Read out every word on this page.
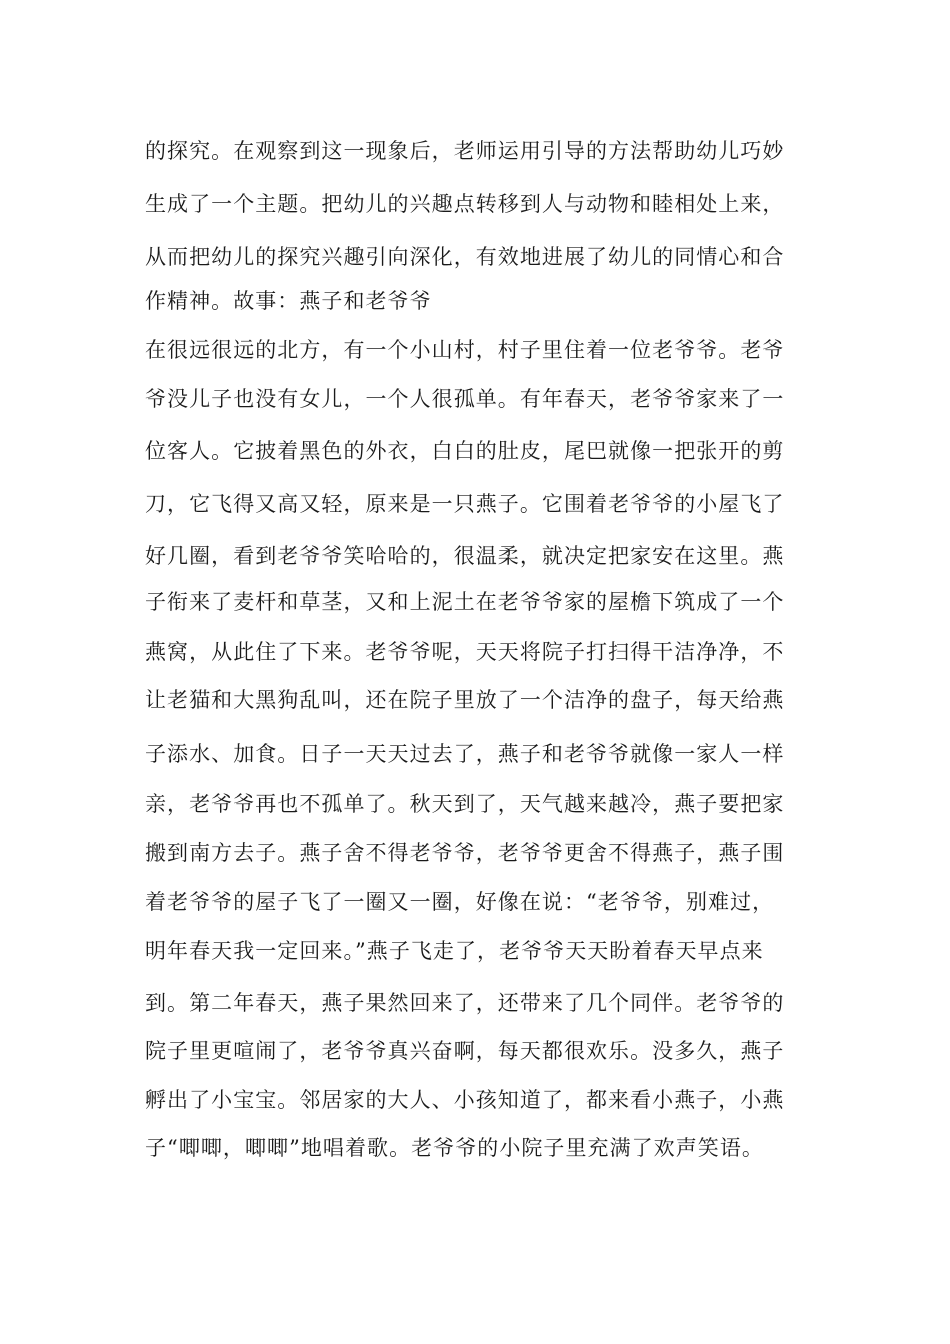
的探究。在观察到这一现象后，老师运用引导的方法帮助幼儿巧妙

生成了一个主题。把幼儿的兴趣点转移到人与动物和睦相处上来，

从而把幼儿的探究兴趣引向深化，有效地进展了幼儿的同情心和合

作精神。故事：燕子和老爷爷

在很远很远的北方，有一个小山村，村子里住着一位老爷爷。老爷

爷没儿子也没有女儿，一个人很孤单。有年春天，老爷爷家来了一

位客人。它披着黑色的外衣，白白的肚皮，尾巴就像一把张开的剪

刀，它飞得又高又轻，原来是一只燕子。它围着老爷爷的小屋飞了

好几圈，看到老爷爷笑哈哈的，很温柔，就决定把家安在这里。燕

子衔来了麦杆和草茎，又和上泥土在老爷爷家的屋檐下筑成了一个

燕窝，从此住了下来。老爷爷呢，天天将院子打扫得干洁净净，不

让老猫和大黑狗乱叫，还在院子里放了一个洁净的盘子，每天给燕

子添水、加食。日子一天天过去了，燕子和老爷爷就像一家人一样

亲，老爷爷再也不孤单了。秋天到了，天气越来越冷，燕子要把家

搬到南方去子。燕子舍不得老爷爷，老爷爷更舍不得燕子，燕子围

着老爷爷的屋子飞了一圈又一圈，好像在说：“老爷爷，别难过，

明年春天我一定回来。”燕子飞走了，老爷爷天天盼着春天早点来

到。第二年春天，燕子果然回来了，还带来了几个同伴。老爷爷的

院子里更喧闹了，老爷爷真兴奋啊，每天都很欢乐。没多久，燕子

孵出了小宝宝。邻居家的大人、小孩知道了，都来看小燕子，小燕

子“唧唧，唧唧”地唱着歌。老爷爷的小院子里充满了欢声笑语。
